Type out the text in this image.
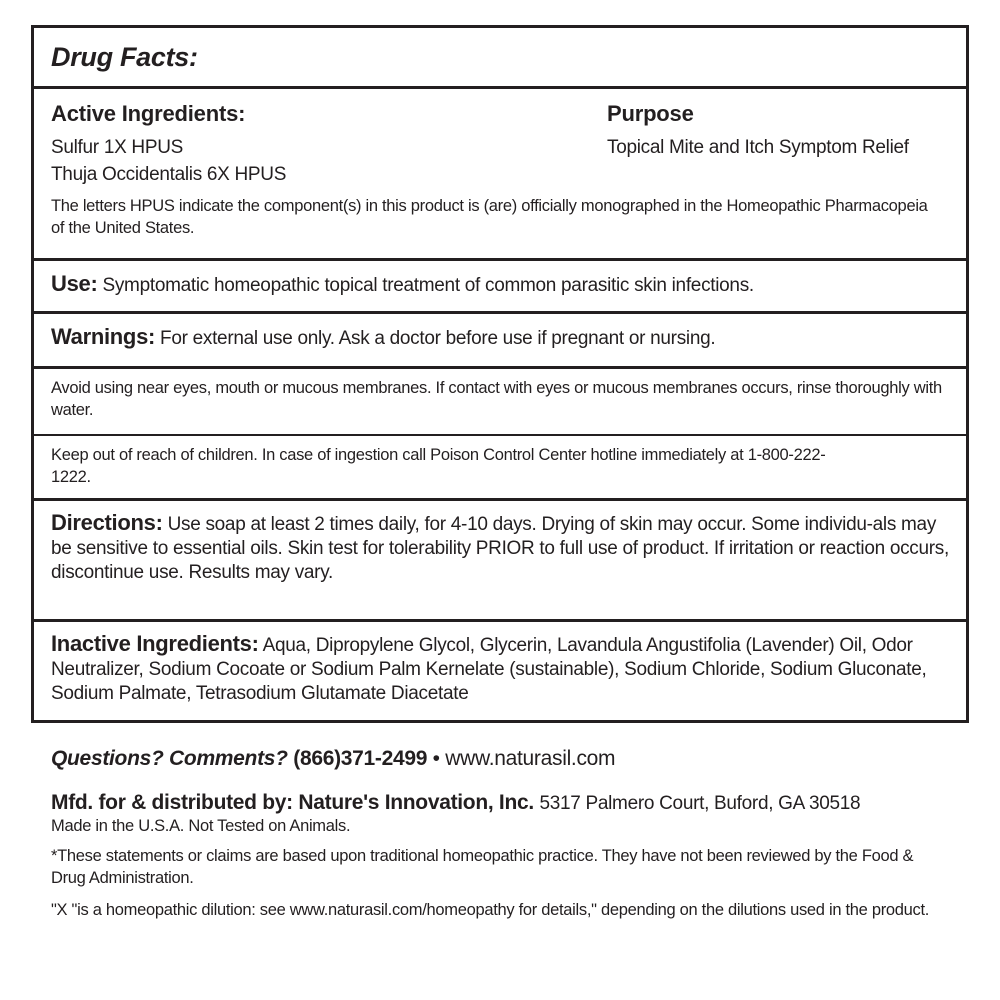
Drug Facts:
Active Ingredients:
Sulfur 1X HPUS
Thuja Occidentalis 6X HPUS
The letters HPUS indicate the component(s) in this product is (are) officially monographed in the Homeopathic Pharmacopeia of the United States.
Purpose
Topical Mite and Itch Symptom Relief
Use: Symptomatic homeopathic topical treatment of common parasitic skin infections.
Warnings: For external use only. Ask a doctor before use if pregnant or nursing.
Avoid using near eyes, mouth or mucous membranes. If contact with eyes or mucous membranes occurs, rinse thoroughly with water.
Keep out of reach of children. In case of ingestion call Poison Control Center hotline immediately at 1-800-222-1222.
Directions: Use soap at least 2 times daily, for 4-10 days. Drying of skin may occur. Some individu-als may be sensitive to essential oils. Skin test for tolerability PRIOR to full use of product. If irritation or reaction occurs, discontinue use. Results may vary.
Inactive Ingredients: Aqua, Dipropylene Glycol, Glycerin, Lavandula Angustifolia (Lavender) Oil, Odor Neutralizer, Sodium Cocoate or Sodium Palm Kernelate (sustainable), Sodium Chloride, Sodium Gluconate, Sodium Palmate, Tetrasodium Glutamate Diacetate
Questions? Comments? (866)371-2499 • www.naturasil.com
Mfd. for & distributed by: Nature's Innovation, Inc. 5317 Palmero Court, Buford, GA 30518
Made in the U.S.A. Not Tested on Animals.
*These statements or claims are based upon traditional homeopathic practice. They have not been reviewed by the Food & Drug Administration.
"X "is a homeopathic dilution: see www.naturasil.com/homeopathy for details," depending on the dilutions used in the product.
